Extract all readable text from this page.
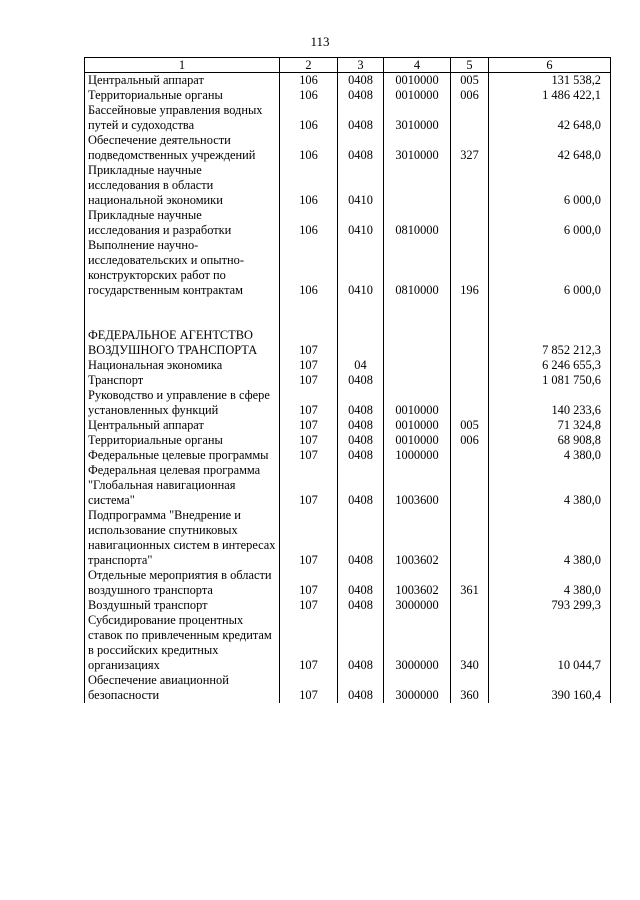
113
1	2	3	4	5	6
Центральный аппарат	106	0408	0010000	005	131 538,2
Территориальные органы	106	0408	0010000	006	1 486 422,1
Бассейновые управления водных путей и судоходства	106	0408	3010000		42 648,0
Обеспечение деятельности подведомственных учреждений	106	0408	3010000	327	42 648,0
Прикладные научные исследования в области национальной экономики	106	0410			6 000,0
Прикладные научные исследования и разработки	106	0410	0810000		6 000,0
Выполнение научно-исследовательских и опытно-конструкторских работ по государственным контрактам	106	0410	0810000	196	6 000,0

ФЕДЕРАЛЬНОЕ АГЕНТСТВО ВОЗДУШНОГО ТРАНСПОРТА	107				7 852 212,3
Национальная экономика	107	04			6 246 655,3
Транспорт	107	0408			1 081 750,6
Руководство и управление в сфере установленных функций	107	0408	0010000		140 233,6
Центральный аппарат	107	0408	0010000	005	71 324,8
Территориальные органы	107	0408	0010000	006	68 908,8
Федеральные целевые программы	107	0408	1000000		4 380,0
Федеральная целевая программа "Глобальная навигационная система"	107	0408	1003600		4 380,0
Подпрограмма "Внедрение и использование спутниковых навигационных систем в интересах транспорта"	107	0408	1003602		4 380,0
Отдельные мероприятия в области воздушного транспорта	107	0408	1003602	361	4 380,0
Воздушный транспорт	107	0408	3000000		793 299,3
Субсидирование процентных ставок по привлеченным кредитам в российских кредитных организациях	107	0408	3000000	340	10 044,7
Обеспечение авиационной безопасности	107	0408	3000000	360	390 160,4
